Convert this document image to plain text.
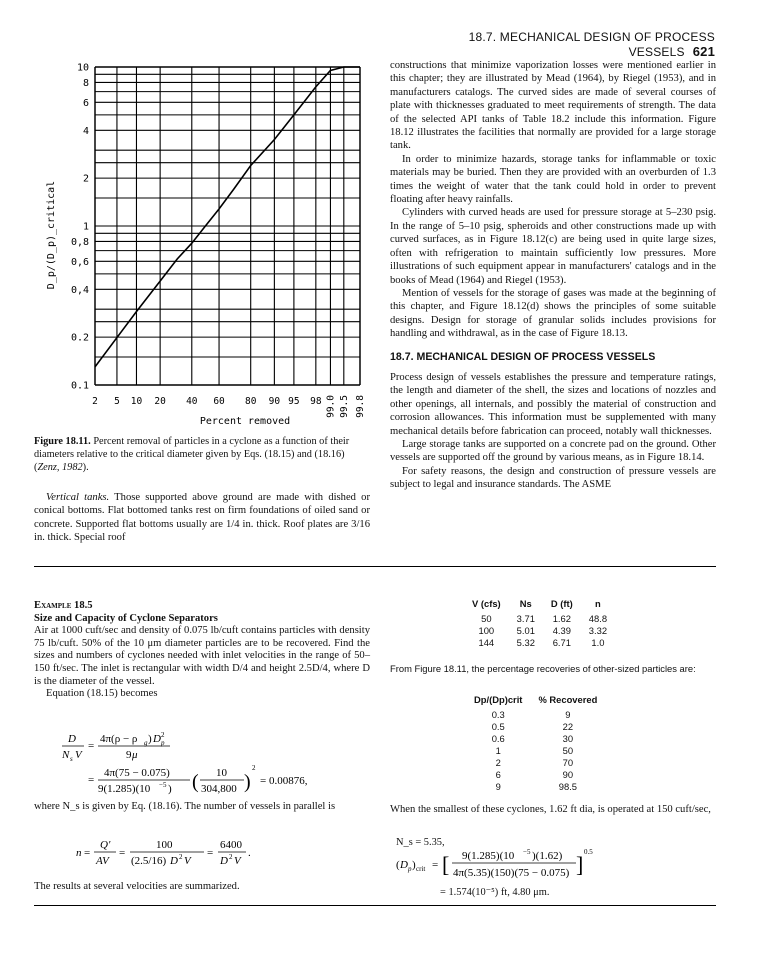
18.7. MECHANICAL DESIGN OF PROCESS VESSELS 621
0.1
0.2
0,4
0,6
0,8
1
2
4
6
8
10
2 5 10 20 40 60 80 90 95 98 99.0 99.5 99.8
Percent removed
D_p/(D_p)_critical
Figure 18.11. Percent removal of particles in a cyclone as a function of their diameters relative to the critical diameter given by Eqs. (18.15) and (18.16) (Zenz, 1982).

Vertical tanks. Those supported above ground are made with dished or conical bottoms. Flat bottomed tanks rest on firm foundations of oiled sand or concrete. Supported flat bottoms usually are 1/4 in. thick. Roof plates are 3/16 in. thick. Special roof

constructions that minimize vaporization losses were mentioned earlier in this chapter; they are illustrated by Mead (1964), by Riegel (1953), and in manufacturers catalogs. The curved sides are made of several courses of plate with thicknesses graduated to meet requirements of strength. The data of the selected API tanks of Table 18.2 include this information. Figure 18.12 illustrates the facilities that normally are provided for a large storage tank.

In order to minimize hazards, storage tanks for inflammable or toxic materials may be buried. Then they are provided with an overburden of 1.3 times the weight of water that the tank could hold in order to prevent floating after heavy rainfalls.

Cylinders with curved heads are used for pressure storage at 5–230 psig. In the range of 5–10 psig, spheroids and other constructions made up with curved surfaces, as in Figure 18.12(c) are being used in quite large sizes, often with refrigeration to maintain sufficiently low pressures. More illustrations of such equipment appear in manufacturers' catalogs and in the books of Mead (1964) and Riegel (1953).

Mention of vessels for the storage of gases was made at the beginning of this chapter, and Figure 18.12(d) shows the principles of some suitable designs. Design for storage of granular solids includes provisions for handling and withdrawal, as in the case of Figure 18.13.

18.7. MECHANICAL DESIGN OF PROCESS VESSELS

Process design of vessels establishes the pressure and temperature ratings, the length and diameter of the shell, the sizes and locations of nozzles and other openings, all internals, and possibly the material of construction and corrosion allowances. This information must be supplemented with many mechanical details before fabrication can proceed, notably wall thicknesses.

Large storage tanks are supported on a concrete pad on the ground. Other vessels are supported off the ground by various means, as in Figure 18.14.

For safety reasons, the design and construction of pressure vessels are subject to legal and insurance standards. The ASME

Example 18.5
Size and Capacity of Cyclone Separators

Air at 1000 cuft/sec and density of 0.075 lb/cuft contains particles with density 75 lb/cuft. 50% of the 10 μm diameter particles are to be recovered. Find the sizes and numbers of cyclones needed with inlet velocities in the range of 50–150 ft/sec. The inlet is rectangular with width D/4 and height 2.5D/4, where D is the diameter of the vessel.

Equation (18.15) becomes

D
N s V
=
4π(ρ − ρ g ) D 2
p
9 μ
=
4π(75 − 0.075)
9(1.285)(10 −5 ) ( 10
304,800 )
2
= 0.00876,

where N_s is given by Eq. (18.16). The number of vessels in parallel is

n =
Q'
AV
=
100
(2.5/16) D 2 V
=
6400
D 2 V
.

The results at several velocities are summarized.

V (cfs)	Ns	D (ft)	n
50	3.71	1.62	48.8
100	5.01	4.39	3.32
144	5.32	6.71	1.0
From Figure 18.11, the percentage recoveries of other-sized particles are:
Dp/(Dp)crit	% Recovered
0.3	9
0.5	22
0.6	30
1	50
2	70
6	90
9	98.5

When the smallest of these cyclones, 1.62 ft dia, is operated at 150 cuft/sec,

N_s = 5.35,
( D p ) crit = [ 9(1.285)(10 −5 )(1.62)
4π(5.35)(150)(75 − 0.075) ] 0.5
= 1.574(10⁻⁵) ft, 4.80 μm.
